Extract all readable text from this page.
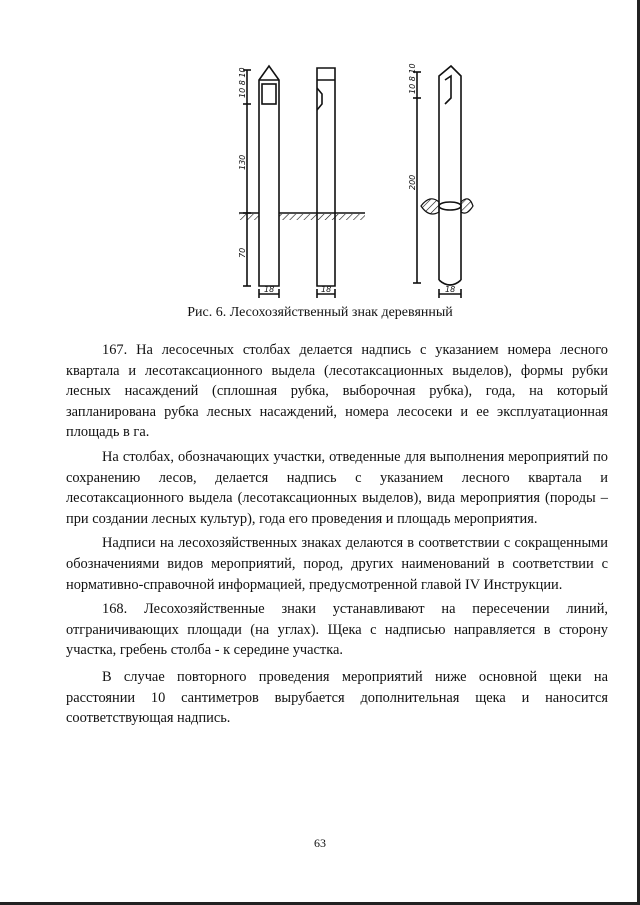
10 8 10
130
70
18	18
10 8 10
200
18
Рис. 6. Лесохозяйственный знак деревянный

167. На лесосечных столбах делается надпись с указанием номера лесного квартала и лесотаксационного выдела (лесотаксационных выделов), формы рубки лесных насаждений (сплошная рубка, выборочная рубка), года, на который запланирована рубка лесных насаждений, номера лесосеки и ее эксплуатационная площадь в га.

На столбах, обозначающих участки, отведенные для выполнения мероприятий по сохранению лесов, делается надпись с указанием лесного квартала и лесотаксационного выдела (лесотаксационных выделов), вида мероприятия (породы – при создании лесных культур), года его проведения и площадь мероприятия.

Надписи на лесохозяйственных знаках делаются в соответствии с сокращенными обозначениями видов мероприятий, пород, других наименований в соответствии с нормативно-справочной информацией, предусмотренной главой IV Инструкции.

168. Лесохозяйственные знаки устанавливают на пересечении линий, отграничивающих площади (на углах). Щека с надписью направляется в сторону участка, гребень столба - к середине участка.

В случае повторного проведения мероприятий ниже основной щеки на расстоянии 10 сантиметров вырубается дополнительная щека и наносится соответствующая надпись.

63
